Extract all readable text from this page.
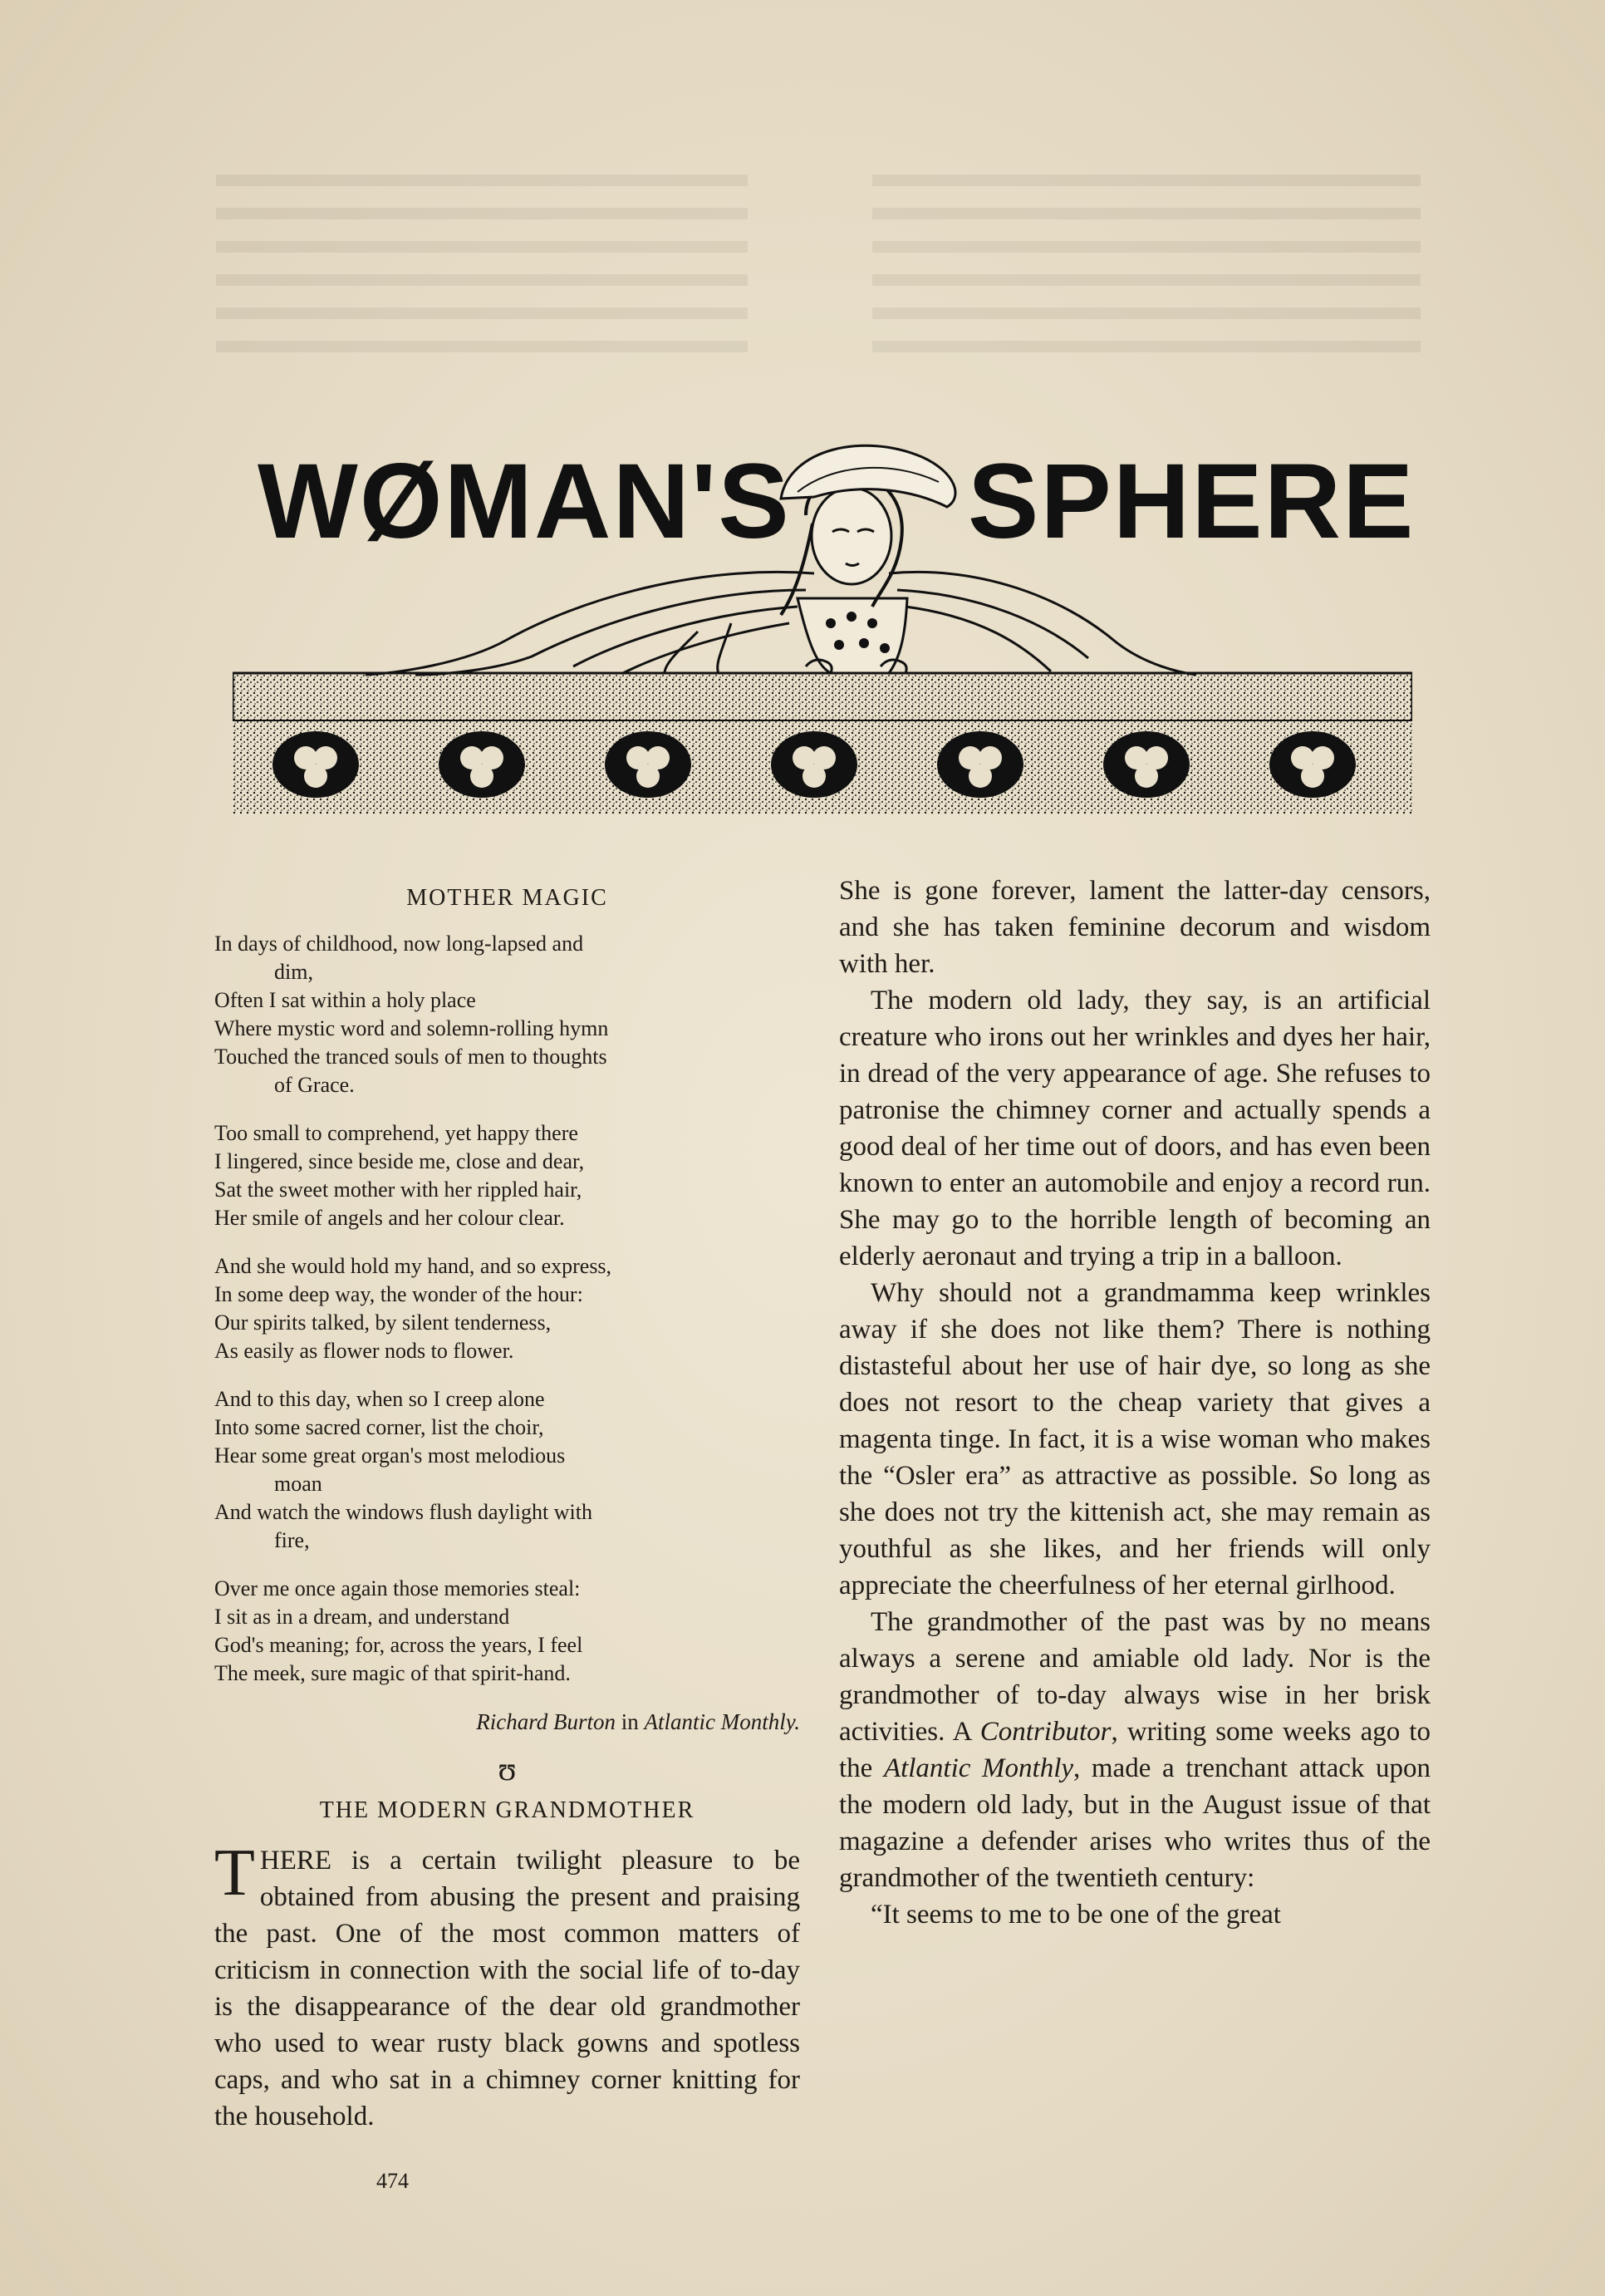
WØMAN'S SPHERE
MOTHER MAGIC
In days of childhood, now long-lapsed and
dim,
Often I sat within a holy place
Where mystic word and solemn-rolling hymn
Touched the tranced souls of men to thoughts
of Grace.
Too small to comprehend, yet happy there
I lingered, since beside me, close and dear,
Sat the sweet mother with her rippled hair,
Her smile of angels and her colour clear.
And she would hold my hand, and so express,
In some deep way, the wonder of the hour:
Our spirits talked, by silent tenderness,
As easily as flower nods to flower.
And to this day, when so I creep alone
Into some sacred corner, list the choir,
Hear some great organ's most melodious
moan
And watch the windows flush daylight with
fire,
Over me once again those memories steal:
I sit as in a dream, and understand
God's meaning; for, across the years, I feel
The meek, sure magic of that spirit-hand.
Richard Burton in Atlantic Monthly.
ʊ
THE MODERN GRANDMOTHER

THERE is a certain twilight pleasure to be obtained from abusing the present and praising the past. One of the most common matters of criticism in connection with the social life of to-day is the disappearance of the dear old grandmother who used to wear rusty black gowns and spotless caps, and who sat in a chimney corner knitting for the household.

She is gone forever, lament the latter-day censors, and she has taken feminine decorum and wisdom with her.

The modern old lady, they say, is an artificial creature who irons out her wrinkles and dyes her hair, in dread of the very appearance of age. She refuses to patronise the chimney corner and actually spends a good deal of her time out of doors, and has even been known to enter an automobile and enjoy a record run. She may go to the horrible length of becoming an elderly aeronaut and trying a trip in a balloon.

Why should not a grandmamma keep wrinkles away if she does not like them? There is nothing distasteful about her use of hair dye, so long as she does not resort to the cheap variety that gives a magenta tinge. In fact, it is a wise woman who makes the “Osler era” as attractive as possible. So long as she does not try the kittenish act, she may remain as youthful as she likes, and her friends will only appreciate the cheerfulness of her eternal girlhood.

The grandmother of the past was by no means always a serene and amiable old lady. Nor is the grandmother of to-day always wise in her brisk activities. A Contributor, writing some weeks ago to the Atlantic Monthly, made a trenchant attack upon the modern old lady, but in the August issue of that magazine a defender arises who writes thus of the grandmother of the twentieth century:

“It seems to me to be one of the great

474
